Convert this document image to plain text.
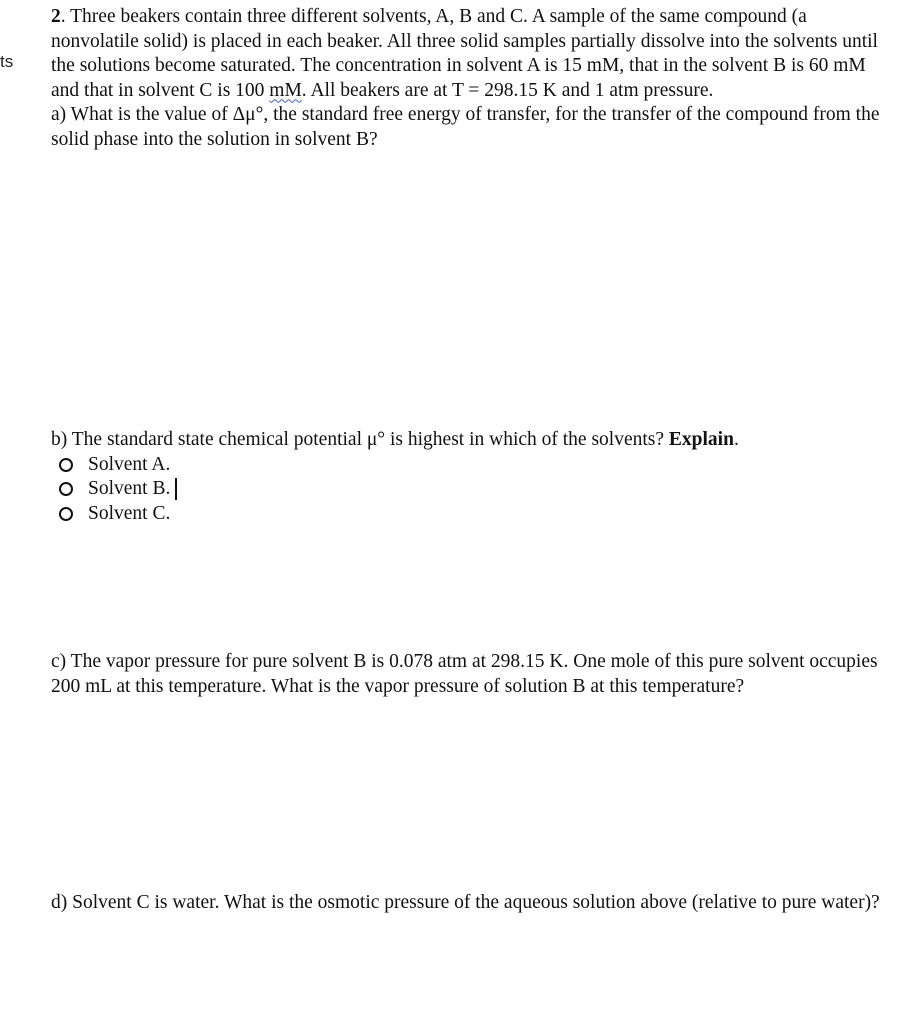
ts

2. Three beakers contain three different solvents, A, B and C. A sample of the same compound (a nonvolatile solid) is placed in each beaker. All three solid samples partially dissolve into the solvents until the solutions become saturated. The concentration in solvent A is 15 mM, that in the solvent B is 60 mM and that in solvent C is 100 mM. All beakers are at T = 298.15 K and 1 atm pressure.

a) What is the value of Δμ°, the standard free energy of transfer, for the transfer of the compound from the solid phase into the solution in solvent B?

b) The standard state chemical potential μ° is highest in which of the solvents? Explain.

Solvent A.
Solvent B.
Solvent C.

c) The vapor pressure for pure solvent B is 0.078 atm at 298.15 K. One mole of this pure solvent occupies 200 mL at this temperature. What is the vapor pressure of solution B at this temperature?

d) Solvent C is water. What is the osmotic pressure of the aqueous solution above (relative to pure water)?
